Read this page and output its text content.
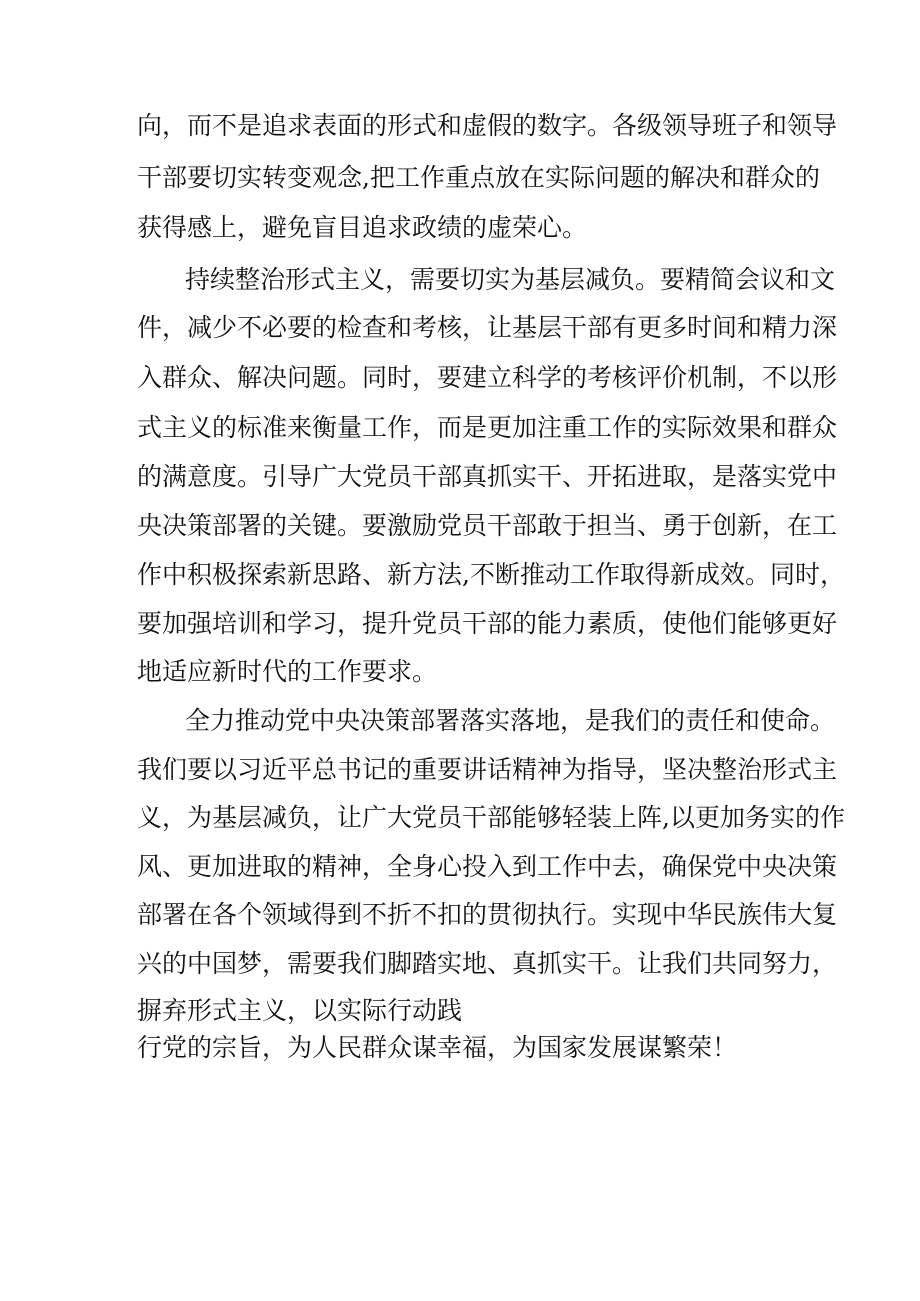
向，而不是追求表面的形式和虚假的数字。各级领导班子和领导
干部要切实转变观念,把工作重点放在实际问题的解决和群众的
获得感上，避免盲目追求政绩的虚荣心。
持续整治形式主义，需要切实为基层减负。要精简会议和文
件，减少不必要的检查和考核，让基层干部有更多时间和精力深
入群众、解决问题。同时，要建立科学的考核评价机制，不以形
式主义的标准来衡量工作，而是更加注重工作的实际效果和群众
的满意度。引导广大党员干部真抓实干、开拓进取，是落实党中
央决策部署的关键。要激励党员干部敢于担当、勇于创新，在工
作中积极探索新思路、新方法,不断推动工作取得新成效。同时，
要加强培训和学习，提升党员干部的能力素质，使他们能够更好
地适应新时代的工作要求。
全力推动党中央决策部署落实落地，是我们的责任和使命。
我们要以习近平总书记的重要讲话精神为指导，坚决整治形式主
义，为基层减负，让广大党员干部能够轻装上阵,以更加务实的作
风、更加进取的精神，全身心投入到工作中去，确保党中央决策
部署在各个领域得到不折不扣的贯彻执行。实现中华民族伟大复
兴的中国梦，需要我们脚踏实地、真抓实干。让我们共同努力，
摒弃形式主义，以实际行动践
行党的宗旨，为人民群众谋幸福，为国家发展谋繁荣！
